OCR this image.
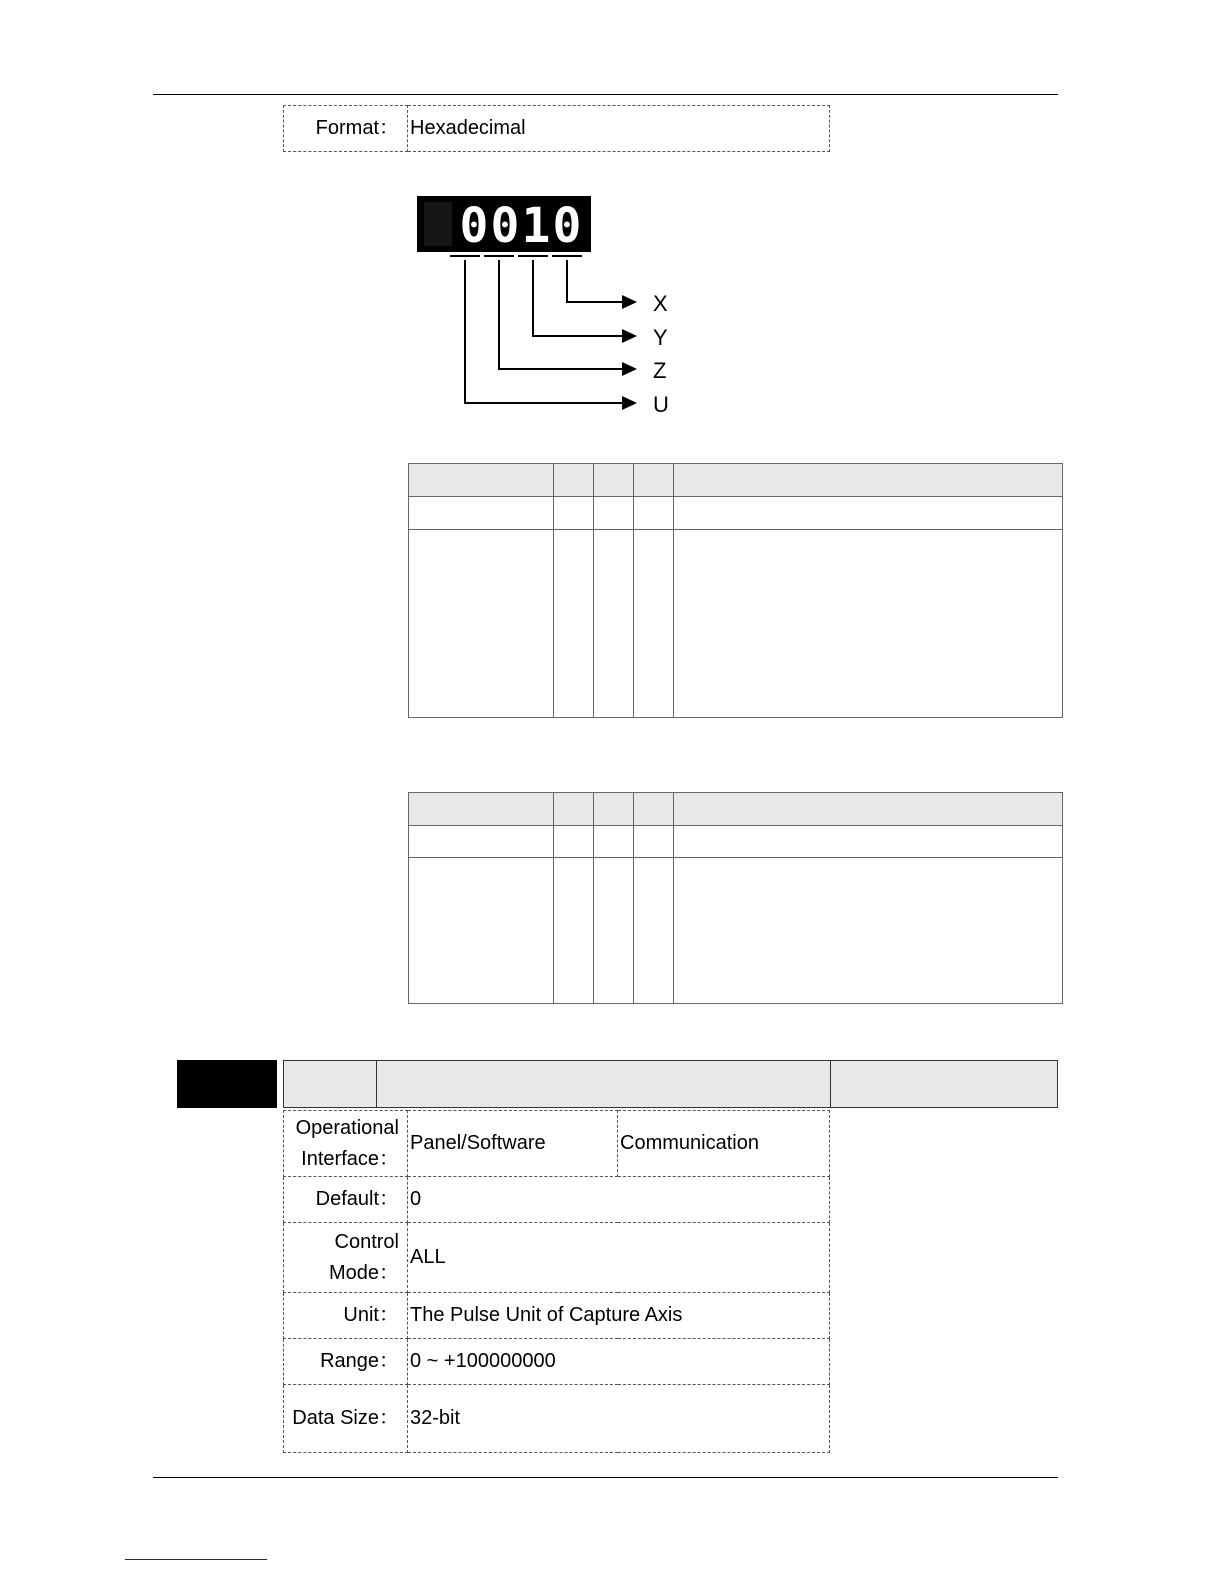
Format：	Hexadecimal
0 0 1 0
X
Y
Z
U

Operational Interface：	Panel/Software	Communication
Default：	0	
Control Mode：	ALL	
Unit：	The Pulse Unit of Capture Axis	
Range：	0 ~ +100000000	
Data Size：	32-bit	
